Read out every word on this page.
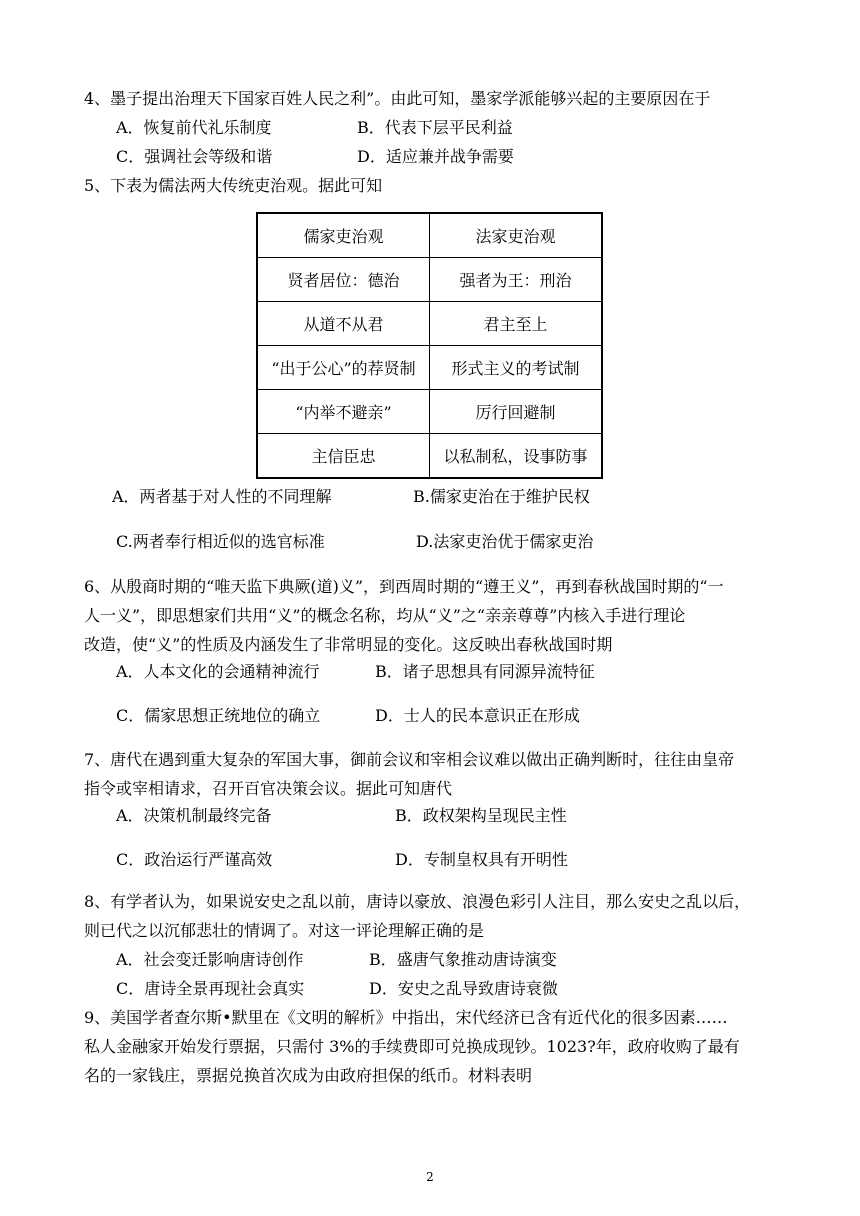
4、墨子提出治理天下国家百姓人民之利”。由此可知，墨家学派能够兴起的主要原因在于
A．恢复前代礼乐制度	B．代表下层平民利益
C．强调社会等级和谐	D．适应兼并战争需要
5、下表为儒法两大传统吏治观。据此可知
儒家吏治观	法家吏治观
贤者居位：德治	强者为王：刑治
从道不从君	君主至上
“出于公心”的荐贤制	形式主义的考试制
“内举不避亲”	厉行回避制
主信臣忠	以私制私，设事防事
A．两者基于对人性的不同理解	B.儒家吏治在于维护民权
C.两者奉行相近似的选官标准	D.法家吏治优于儒家吏治
6、从殷商时期的“唯天监下典厥(道)义”，到西周时期的“遵王义”，再到春秋战国时期的“一
人一义”，即思想家们共用“义”的概念名称，均从“义”之“亲亲尊尊”内核入手进行理论
改造，使“义”的性质及内涵发生了非常明显的变化。这反映出春秋战国时期
A．人本文化的会通精神流行	B．诸子思想具有同源异流特征
C．儒家思想正统地位的确立	D．士人的民本意识正在形成
7、唐代在遇到重大复杂的军国大事，御前会议和宰相会议难以做出正确判断时，往往由皇帝
指令或宰相请求，召开百官决策会议。据此可知唐代
A．决策机制最终完备	B．政权架构呈现民主性
C．政治运行严谨高效	D．专制皇权具有开明性
8、有学者认为，如果说安史之乱以前，唐诗以豪放、浪漫色彩引人注目，那么安史之乱以后，
则已代之以沉郁悲壮的情调了。对这一评论理解正确的是
A．社会变迁影响唐诗创作	B．盛唐气象推动唐诗演变
C．唐诗全景再现社会真实	D．安史之乱导致唐诗衰微
9、美国学者查尔斯•默里在《文明的解析》中指出，宋代经济已含有近代化的很多因素……
私人金融家开始发行票据，只需付 3%的手续费即可兑换成现钞。1023?年，政府收购了最有
名的一家钱庄，票据兑换首次成为由政府担保的纸币。材料表明
2
